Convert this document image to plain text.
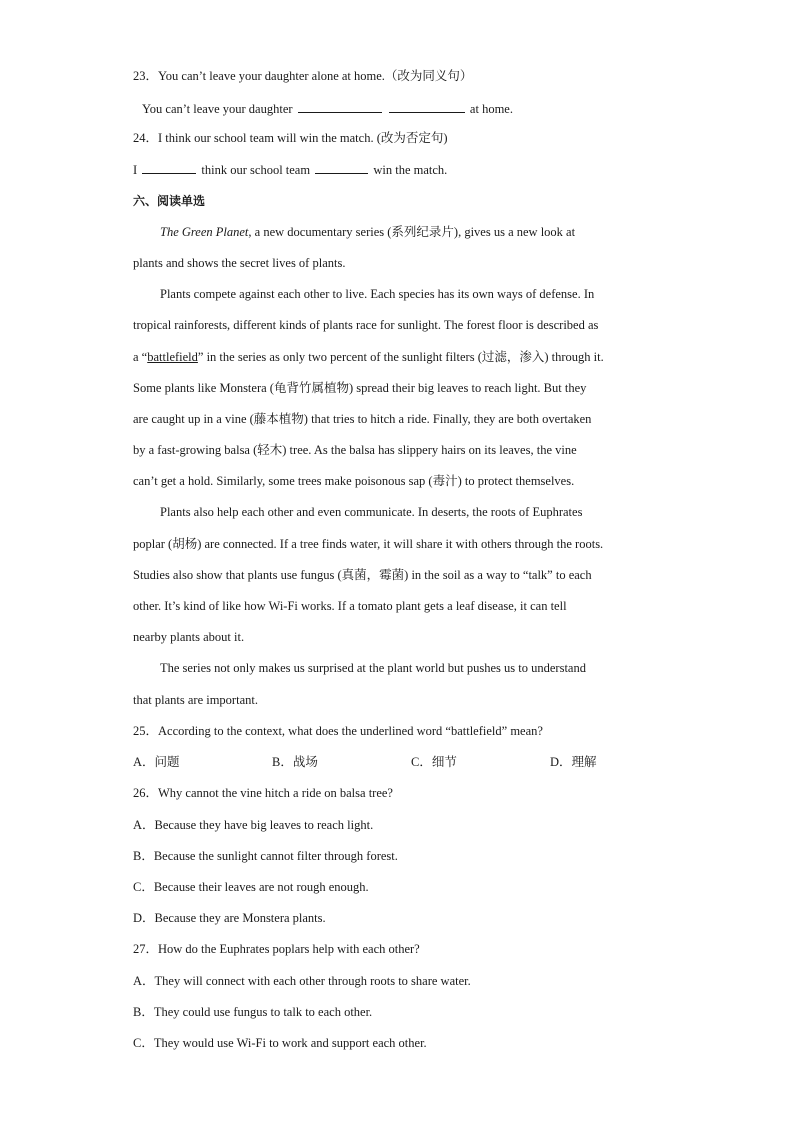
23．You can’t leave your daughter alone at home.（改为同义句）
You can’t leave your daughter	at home.
24．I think our school team will win the match. (改为否定句)
I	think our school team	win the match.
六、阅读单选
The Green Planet, a new documentary series (系列纪录片), gives us a new look at
plants and shows the secret lives of plants.
Plants compete against each other to live. Each species has its own ways of defense. In
tropical rainforests, different kinds of plants race for sunlight. The forest floor is described as
a “battlefield” in the series as only two percent of the sunlight filters (过滤，渗入) through it.
Some plants like Monstera (龟背竹属植物) spread their big leaves to reach light. But they
are caught up in a vine (藤本植物) that tries to hitch a ride. Finally, they are both overtaken
by a fast-growing balsa (轻木) tree. As the balsa has slippery hairs on its leaves, the vine
can’t get a hold. Similarly, some trees make poisonous sap (毒汁) to protect themselves.
Plants also help each other and even communicate. In deserts, the roots of Euphrates
poplar (胡杨) are connected. If a tree finds water, it will share it with others through the roots.
Studies also show that plants use fungus (真菌，霉菌) in the soil as a way to “talk” to each
other. It’s kind of like how Wi-Fi works. If a tomato plant gets a leaf disease, it can tell
nearby plants about it.
The series not only makes us surprised at the plant world but pushes us to understand
that plants are important.
25．According to the context, what does the underlined word “battlefield” mean?
A．问题	B．战场	C．细节	D．理解
26．Why cannot the vine hitch a ride on balsa tree?
A．Because they have big leaves to reach light.
B．Because the sunlight cannot filter through forest.
C．Because their leaves are not rough enough.
D．Because they are Monstera plants.
27．How do the Euphrates poplars help with each other?
A．They will connect with each other through roots to share water.
B．They could use fungus to talk to each other.
C．They would use Wi-Fi to work and support each other.
